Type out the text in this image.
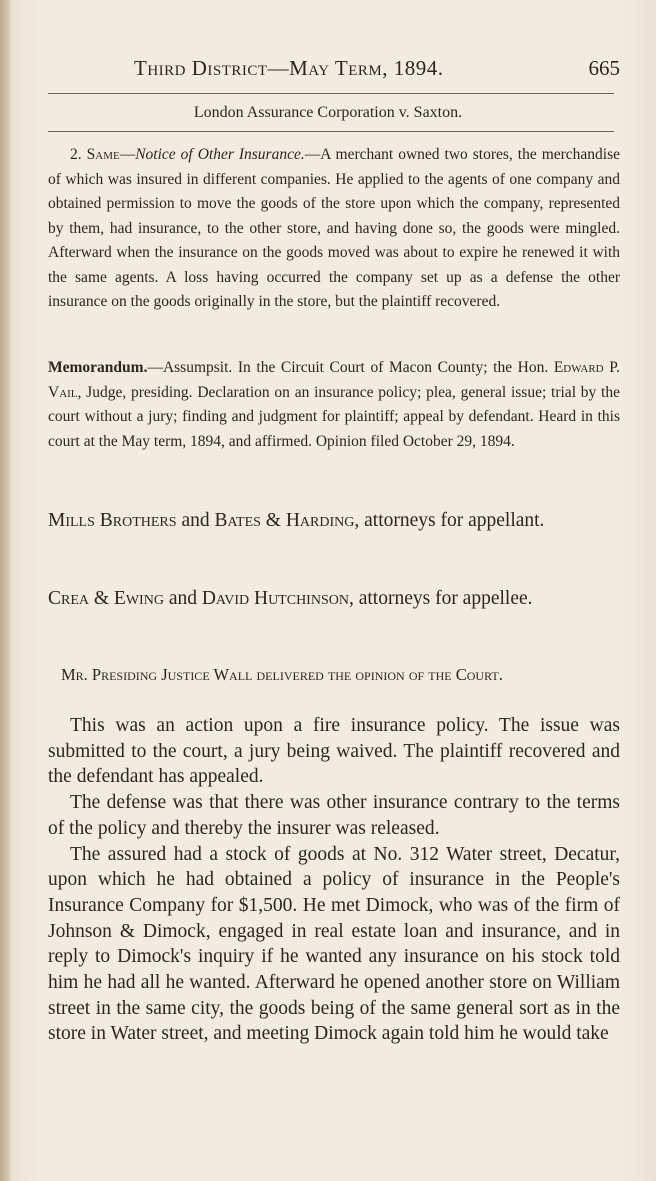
Third District—May Term, 1894.	665
London Assurance Corporation v. Saxton.

2. Same—Notice of Other Insurance.—A merchant owned two stores, the merchandise of which was insured in different companies. He applied to the agents of one company and obtained permission to move the goods of the store upon which the company, represented by them, had insurance, to the other store, and having done so, the goods were mingled. Afterward when the insurance on the goods moved was about to expire he renewed it with the same agents. A loss having occurred the company set up as a defense the other insurance on the goods originally in the store, but the plaintiff recovered.

Memorandum.—Assumpsit. In the Circuit Court of Macon County; the Hon. Edward P. Vail, Judge, presiding. Declaration on an insurance policy; plea, general issue; trial by the court without a jury; finding and judgment for plaintiff; appeal by defendant. Heard in this court at the May term, 1894, and affirmed. Opinion filed October 29, 1894.

Mills Brothers and Bates & Harding, attorneys for appellant.

Crea & Ewing and David Hutchinson, attorneys for appellee.

Mr. Presiding Justice Wall delivered the opinion of the Court.

This was an action upon a fire insurance policy. The issue was submitted to the court, a jury being waived. The plaintiff recovered and the defendant has appealed.

The defense was that there was other insurance contrary to the terms of the policy and thereby the insurer was released.

The assured had a stock of goods at No. 312 Water street, Decatur, upon which he had obtained a policy of insurance in the People's Insurance Company for $1,500. He met Dimock, who was of the firm of Johnson & Dimock, engaged in real estate loan and insurance, and in reply to Dimock's inquiry if he wanted any insurance on his stock told him he had all he wanted. Afterward he opened another store on William street in the same city, the goods being of the same general sort as in the store in Water street, and meeting Dimock again told him he would take
